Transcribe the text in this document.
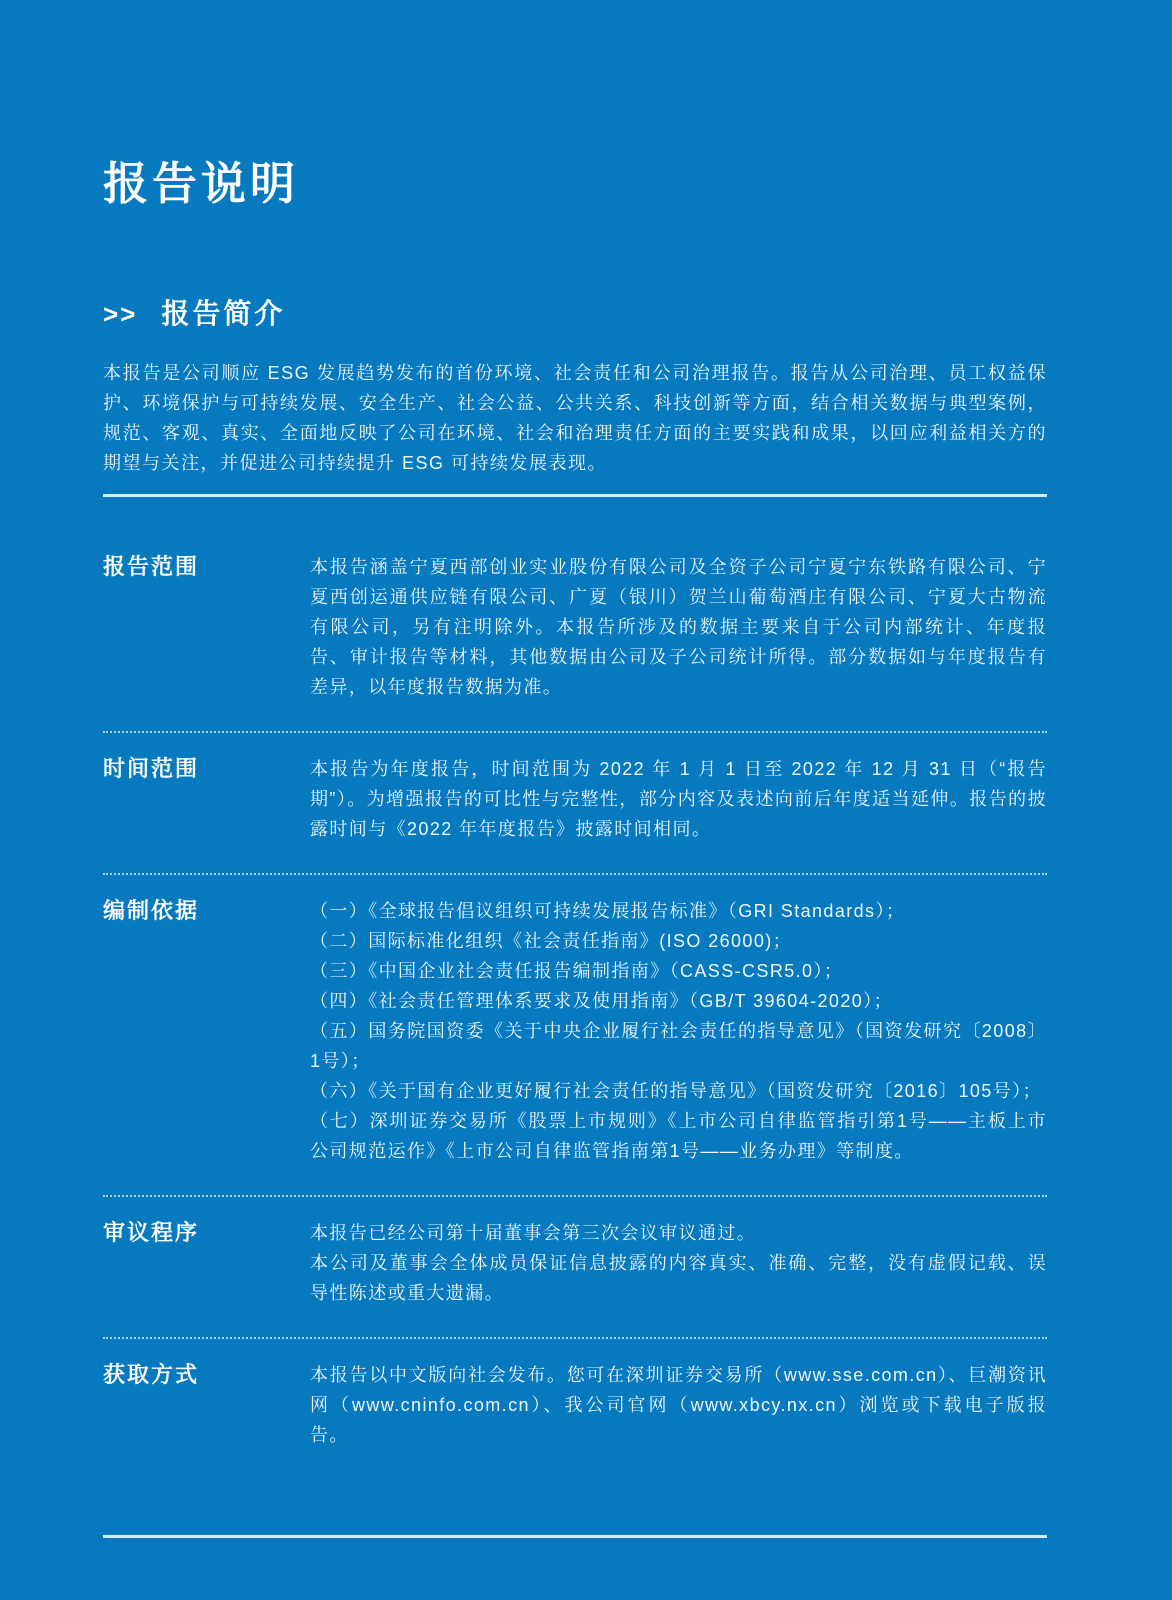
报告说明
>> 报告简介

本报告是公司顺应 ESG 发展趋势发布的首份环境、社会责任和公司治理报告。报告从公司治理、员工权益保护、环境保护与可持续发展、安全生产、社会公益、公共关系、科技创新等方面，结合相关数据与典型案例，规范、客观、真实、全面地反映了公司在环境、社会和治理责任方面的主要实践和成果，以回应利益相关方的期望与关注，并促进公司持续提升 ESG 可持续发展表现。

报告范围	本报告涵盖宁夏西部创业实业股份有限公司及全资子公司宁夏宁东铁路有限公司、宁夏西创运通供应链有限公司、广夏（银川）贺兰山葡萄酒庄有限公司、宁夏大古物流有限公司，另有注明除外。本报告所涉及的数据主要来自于公司内部统计、年度报告、审计报告等材料，其他数据由公司及子公司统计所得。部分数据如与年度报告有差异，以年度报告数据为准。

时间范围	本报告为年度报告，时间范围为 2022 年 1 月 1 日至 2022 年 12 月 31 日（“报告期”）。为增强报告的可比性与完整性，部分内容及表述向前后年度适当延伸。报告的披露时间与《2022 年年度报告》披露时间相同。

编制依据	（一）《全球报告倡议组织可持续发展报告标准》（GRI Standards）；

（二）国际标准化组织《社会责任指南》(ISO 26000)；

（三）《中国企业社会责任报告编制指南》（CASS-CSR5.0）；

（四）《社会责任管理体系要求及使用指南》（GB/T 39604-2020）；

（五）国务院国资委《关于中央企业履行社会责任的指导意见》（国资发研究〔2008〕1号）；

（六）《关于国有企业更好履行社会责任的指导意见》（国资发研究〔2016〕105号）；

（七）深圳证券交易所《股票上市规则》《上市公司自律监管指引第1号——主板上市公司规范运作》《上市公司自律监管指南第1号——业务办理》等制度。

审议程序	本报告已经公司第十届董事会第三次会议审议通过。

本公司及董事会全体成员保证信息披露的内容真实、准确、完整，没有虚假记载、误导性陈述或重大遗漏。

获取方式	本报告以中文版向社会发布。您可在深圳证券交易所（www.sse.com.cn）、巨潮资讯网（www.cninfo.com.cn）、我公司官网（www.xbcy.nx.cn）浏览或下载电子版报告。
